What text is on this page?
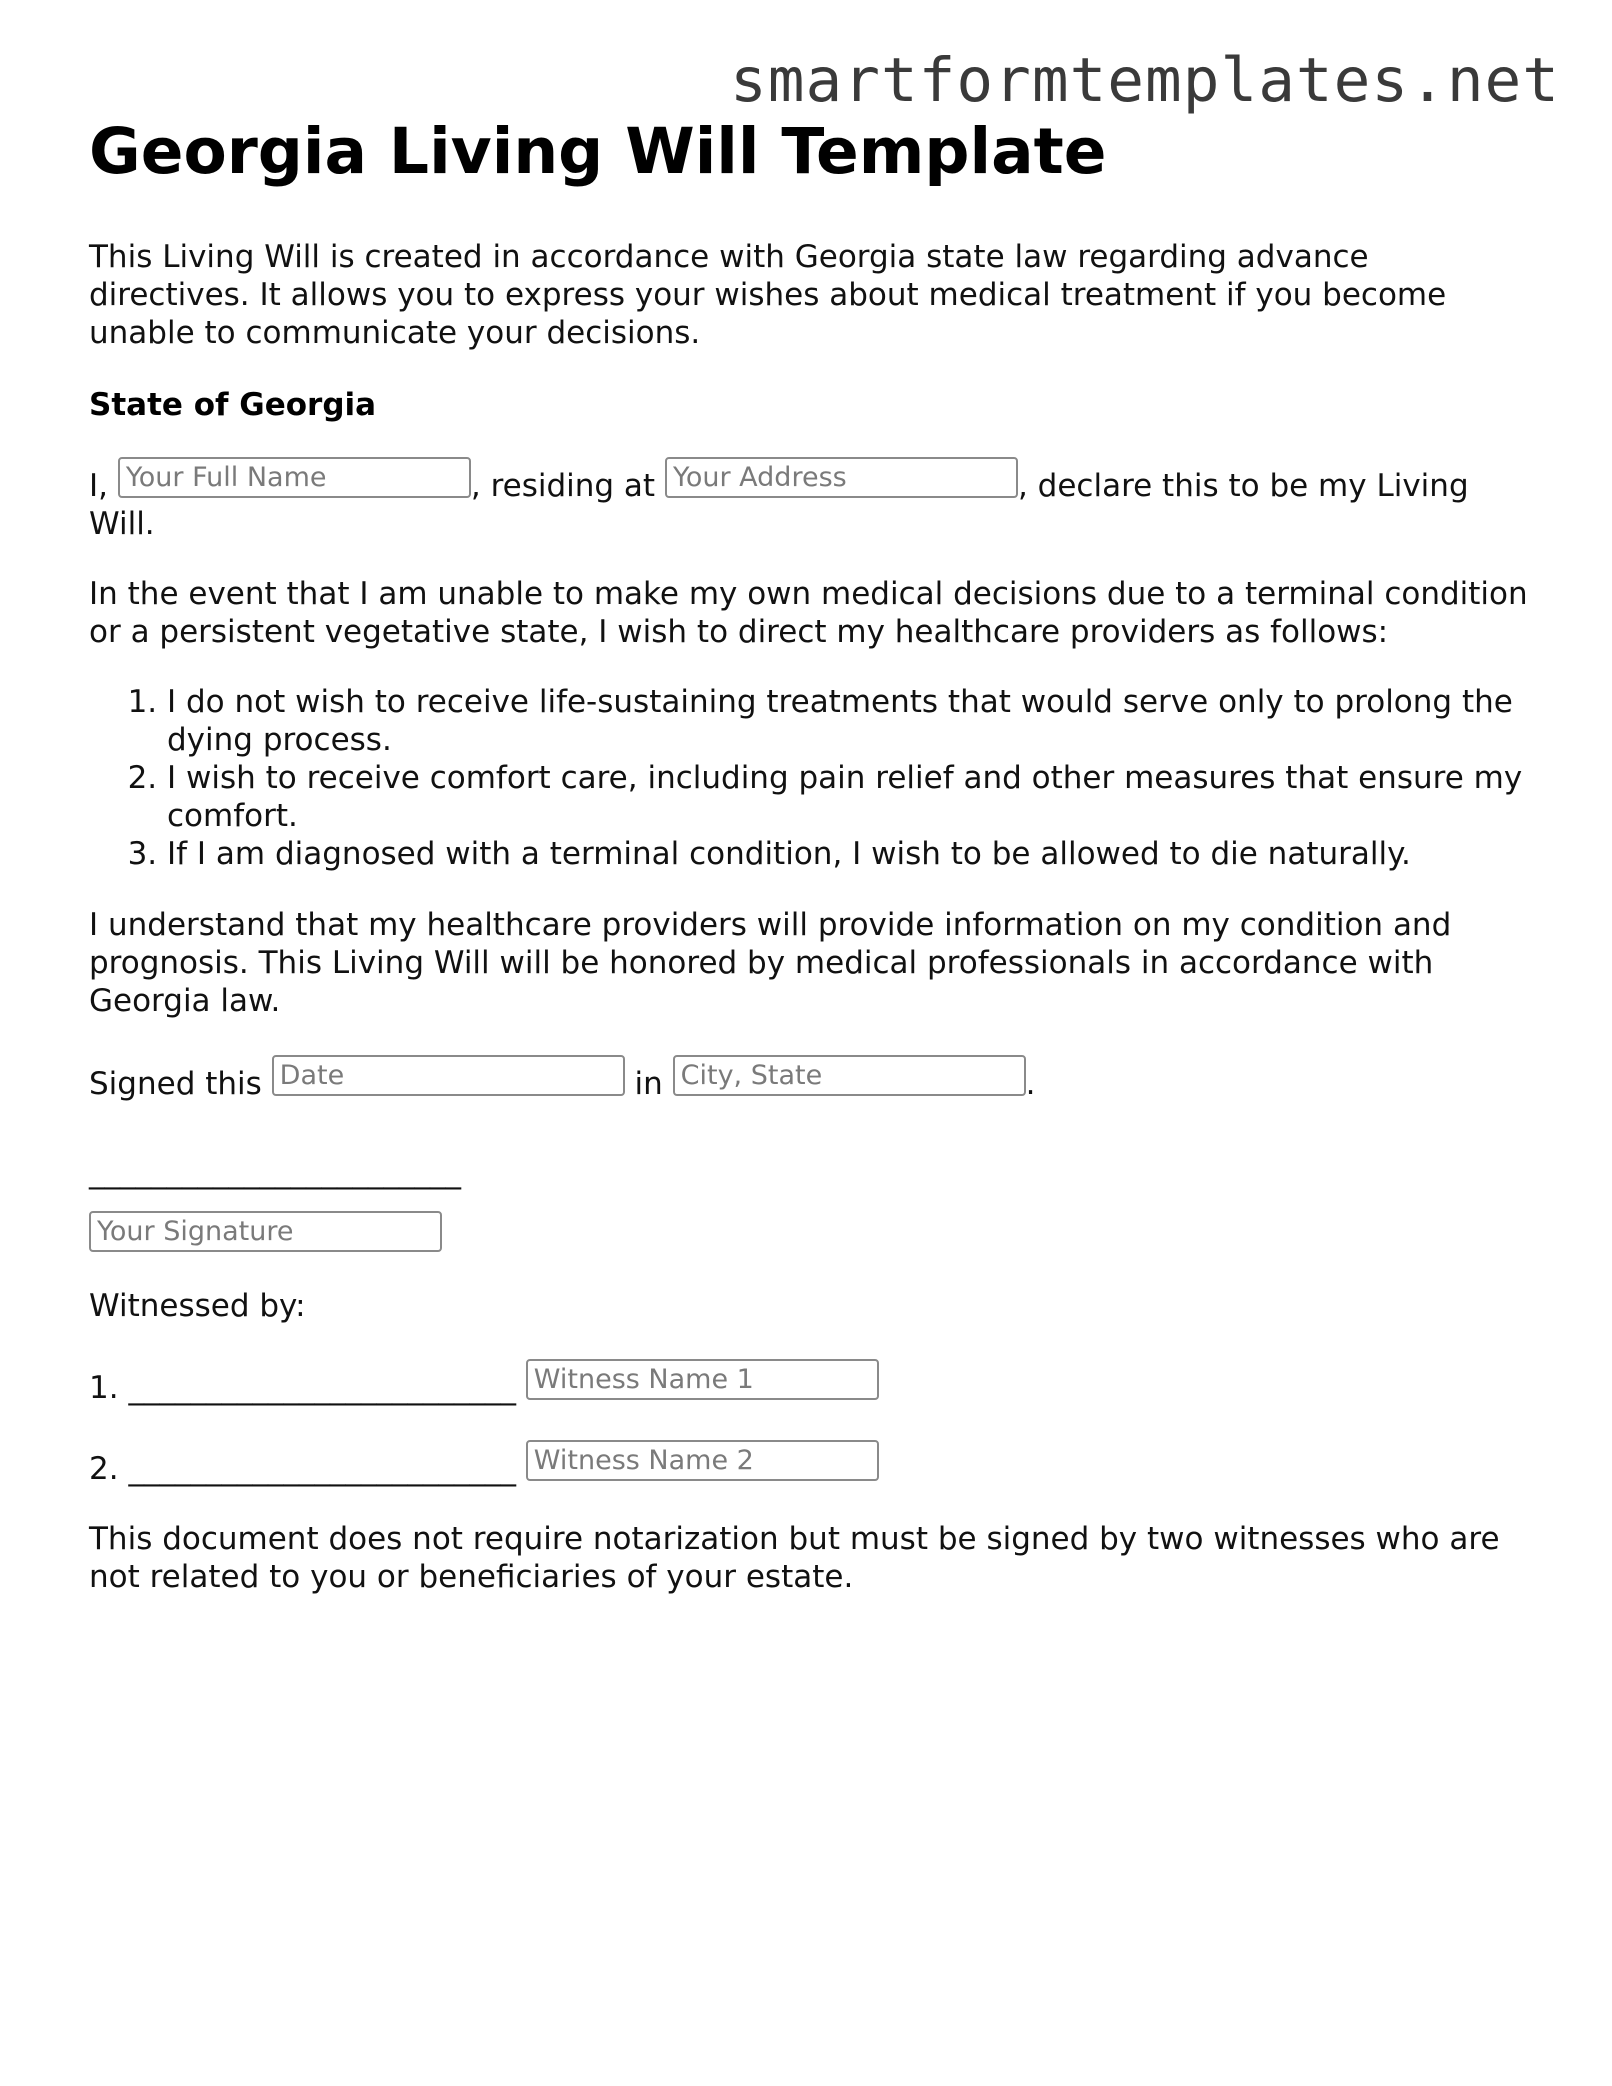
smartformtemplates.net
Georgia Living Will Template

This Living Will is created in accordance with Georgia state law regarding advance directives. It allows you to express your wishes about medical treatment if you become unable to communicate your decisions.

State of Georgia

I, Your Full Name	, residing at Your Address	, declare this to be my Living Will.

In the event that I am unable to make my own medical decisions due to a terminal condition or a persistent vegetative state, I wish to direct my healthcare providers as follows:

1. I do not wish to receive life-sustaining treatments that would serve only to prolong the dying process.
2. I wish to receive comfort care, including pain relief and other measures that ensure my comfort.
3. If I am diagnosed with a terminal condition, I wish to be allowed to die naturally.

I understand that my healthcare providers will provide information on my condition and prognosis. This Living Will will be honored by medical professionals in accordance with Georgia law.

Signed this Date	in City, State	.

________________________

Your Signature

Witnessed by:

1. _________________________ Witness Name 1

2. _________________________ Witness Name 2

This document does not require notarization but must be signed by two witnesses who are not related to you or beneficiaries of your estate.
